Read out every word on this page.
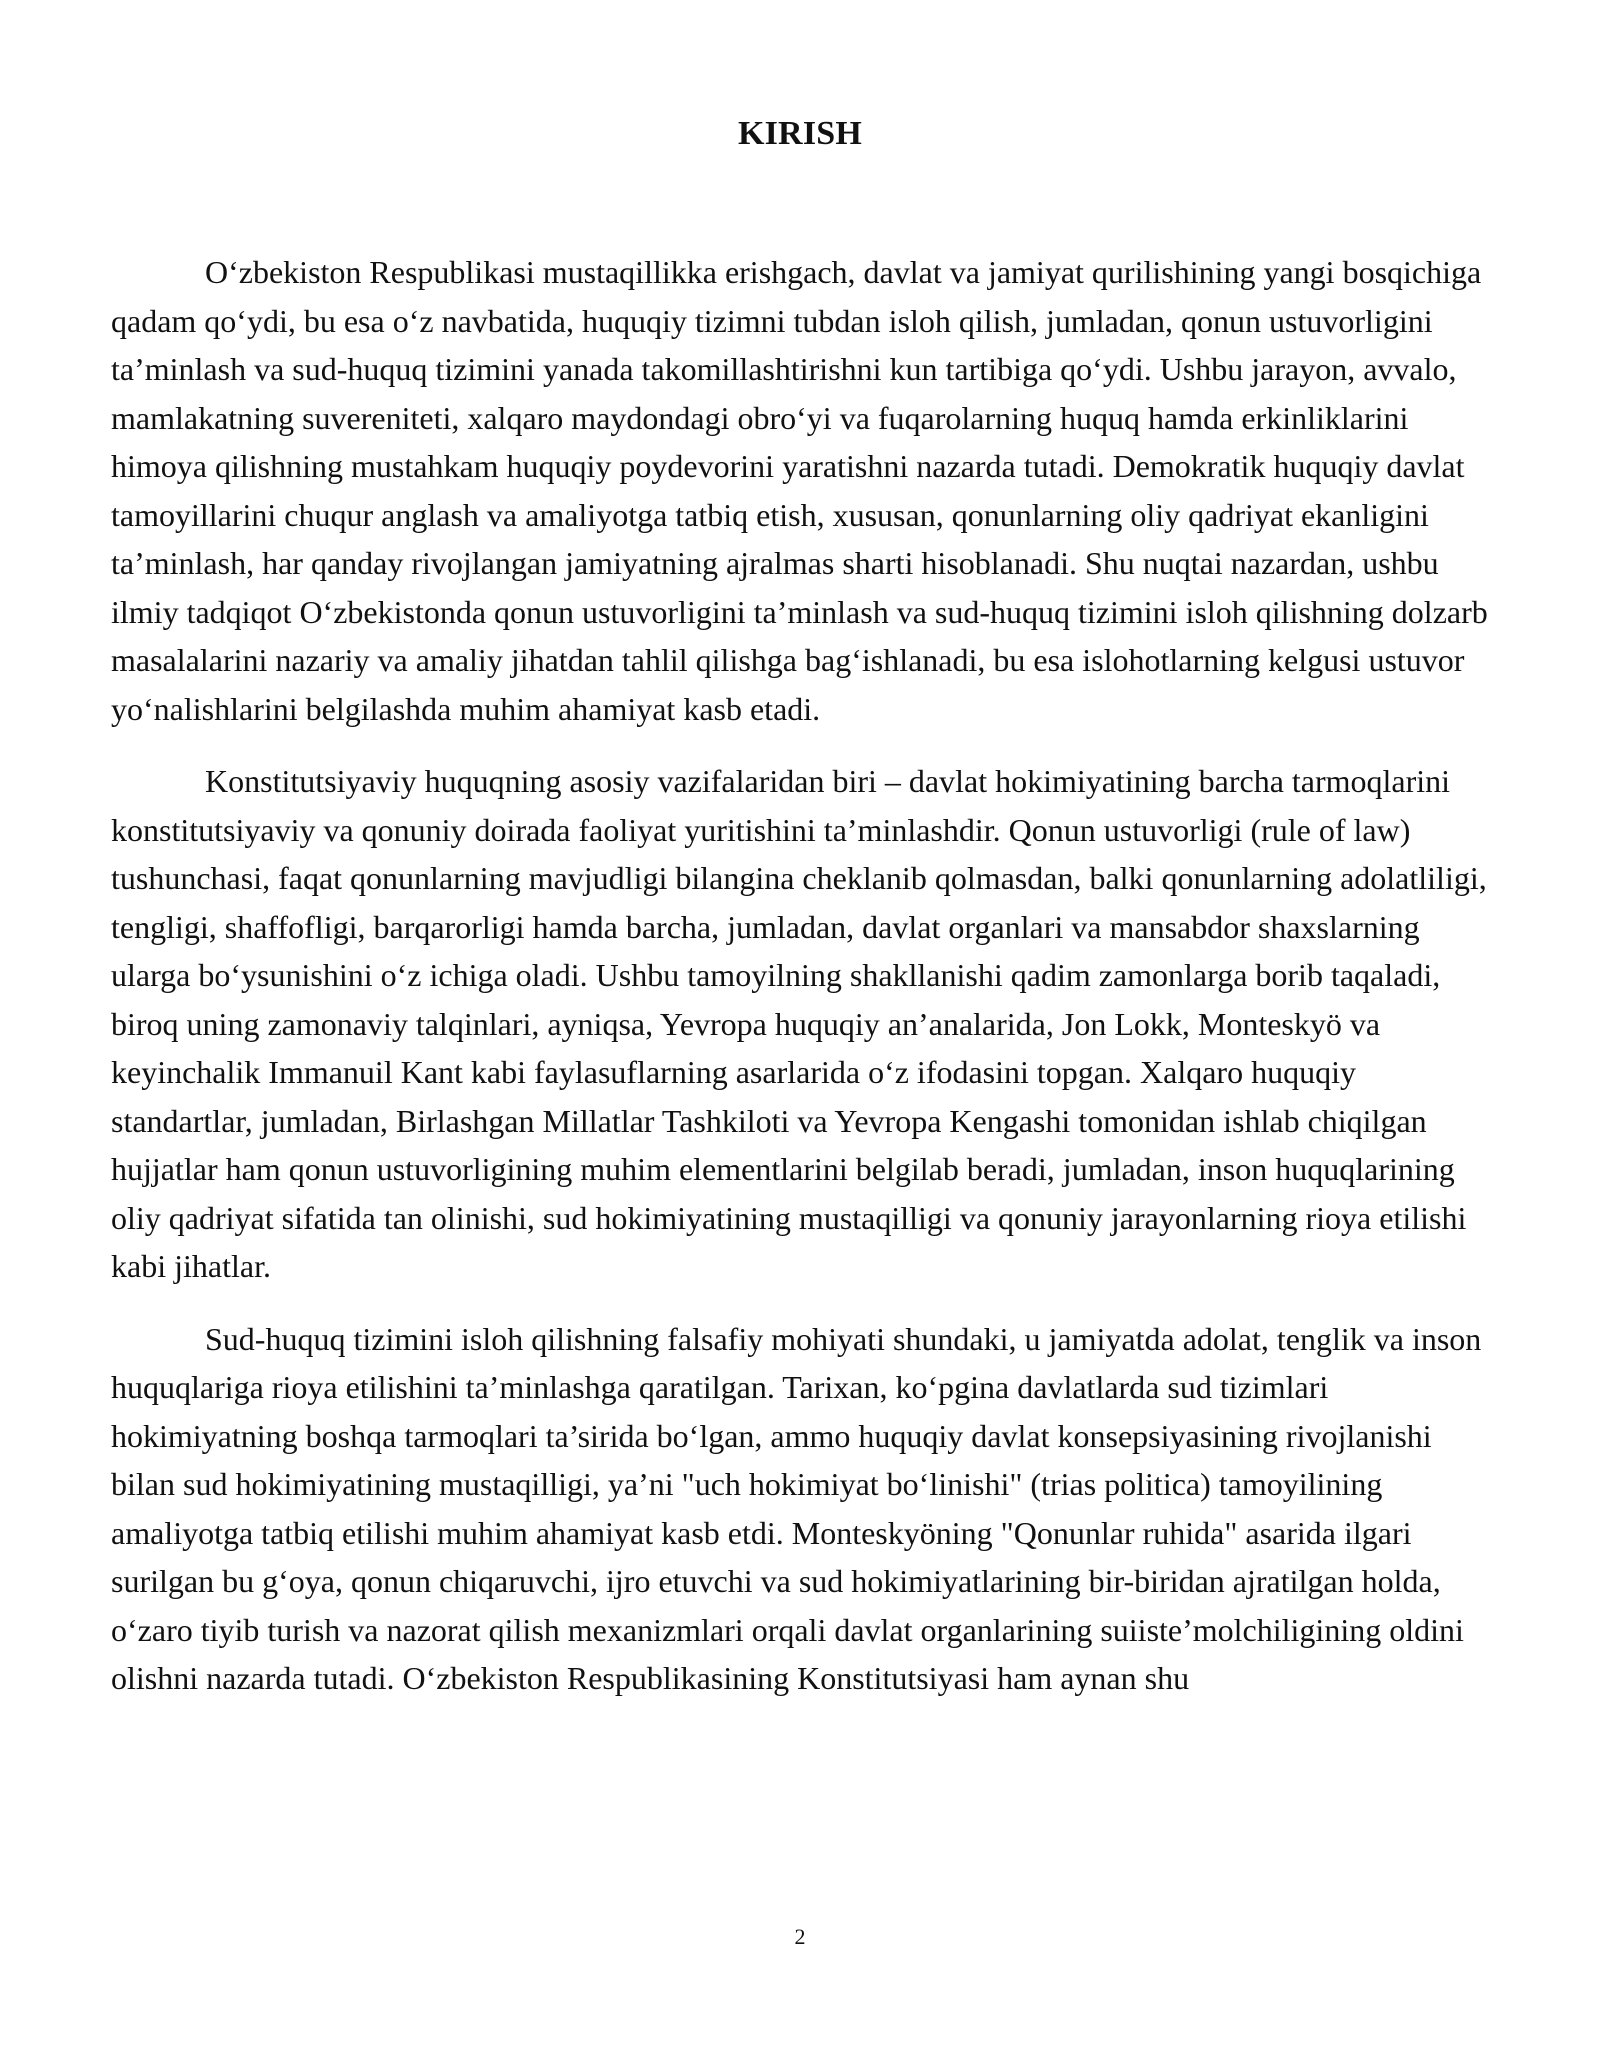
KIRISH

O‘zbekiston Respublikasi mustaqillikka erishgach, davlat va jamiyat qurilishining yangi bosqichiga qadam qo‘ydi, bu esa o‘z navbatida, huquqiy tizimni tubdan isloh qilish, jumladan, qonun ustuvorligini ta’minlash va sud-huquq tizimini yanada takomillashtirishni kun tartibiga qo‘ydi. Ushbu jarayon, avvalo, mamlakatning suvereniteti, xalqaro maydondagi obro‘yi va fuqarolarning huquq hamda erkinliklarini himoya qilishning mustahkam huquqiy poydevorini yaratishni nazarda tutadi. Demokratik huquqiy davlat tamoyillarini chuqur anglash va amaliyotga tatbiq etish, xususan, qonunlarning oliy qadriyat ekanligini ta’minlash, har qanday rivojlangan jamiyatning ajralmas sharti hisoblanadi. Shu nuqtai nazardan, ushbu ilmiy tadqiqot O‘zbekistonda qonun ustuvorligini ta’minlash va sud-huquq tizimini isloh qilishning dolzarb masalalarini nazariy va amaliy jihatdan tahlil qilishga bag‘ishlanadi, bu esa islohotlarning kelgusi ustuvor yo‘nalishlarini belgilashda muhim ahamiyat kasb etadi.

Konstitutsiyaviy huquqning asosiy vazifalaridan biri – davlat hokimiyatining barcha tarmoqlarini konstitutsiyaviy va qonuniy doirada faoliyat yuritishini ta’minlashdir. Qonun ustuvorligi (rule of law) tushunchasi, faqat qonunlarning mavjudligi bilangina cheklanib qolmasdan, balki qonunlarning adolatliligi, tengligi, shaffofligi, barqarorligi hamda barcha, jumladan, davlat organlari va mansabdor shaxslarning ularga bo‘ysunishini o‘z ichiga oladi. Ushbu tamoyilning shakllanishi qadim zamonlarga borib taqaladi, biroq uning zamonaviy talqinlari, ayniqsa, Yevropa huquqiy an’analarida, Jon Lokk, Monteskyö va keyinchalik Immanuil Kant kabi faylasuflarning asarlarida o‘z ifodasini topgan. Xalqaro huquqiy standartlar, jumladan, Birlashgan Millatlar Tashkiloti va Yevropa Kengashi tomonidan ishlab chiqilgan hujjatlar ham qonun ustuvorligining muhim elementlarini belgilab beradi, jumladan, inson huquqlarining oliy qadriyat sifatida tan olinishi, sud hokimiyatining mustaqilligi va qonuniy jarayonlarning rioya etilishi kabi jihatlar.

Sud-huquq tizimini isloh qilishning falsafiy mohiyati shundaki, u jamiyatda adolat, tenglik va inson huquqlariga rioya etilishini ta’minlashga qaratilgan. Tarixan, ko‘pgina davlatlarda sud tizimlari hokimiyatning boshqa tarmoqlari ta’sirida bo‘lgan, ammo huquqiy davlat konsepsiyasining rivojlanishi bilan sud hokimiyatining mustaqilligi, ya’ni "uch hokimiyat bo‘linishi" (trias politica) tamoyilining amaliyotga tatbiq etilishi muhim ahamiyat kasb etdi. Monteskyöning "Qonunlar ruhida" asarida ilgari surilgan bu g‘oya, qonun chiqaruvchi, ijro etuvchi va sud hokimiyatlarining bir-biridan ajratilgan holda, o‘zaro tiyib turish va nazorat qilish mexanizmlari orqali davlat organlarining suiiste’molchiligining oldini olishni nazarda tutadi. O‘zbekiston Respublikasining Konstitutsiyasi ham aynan shu

2
